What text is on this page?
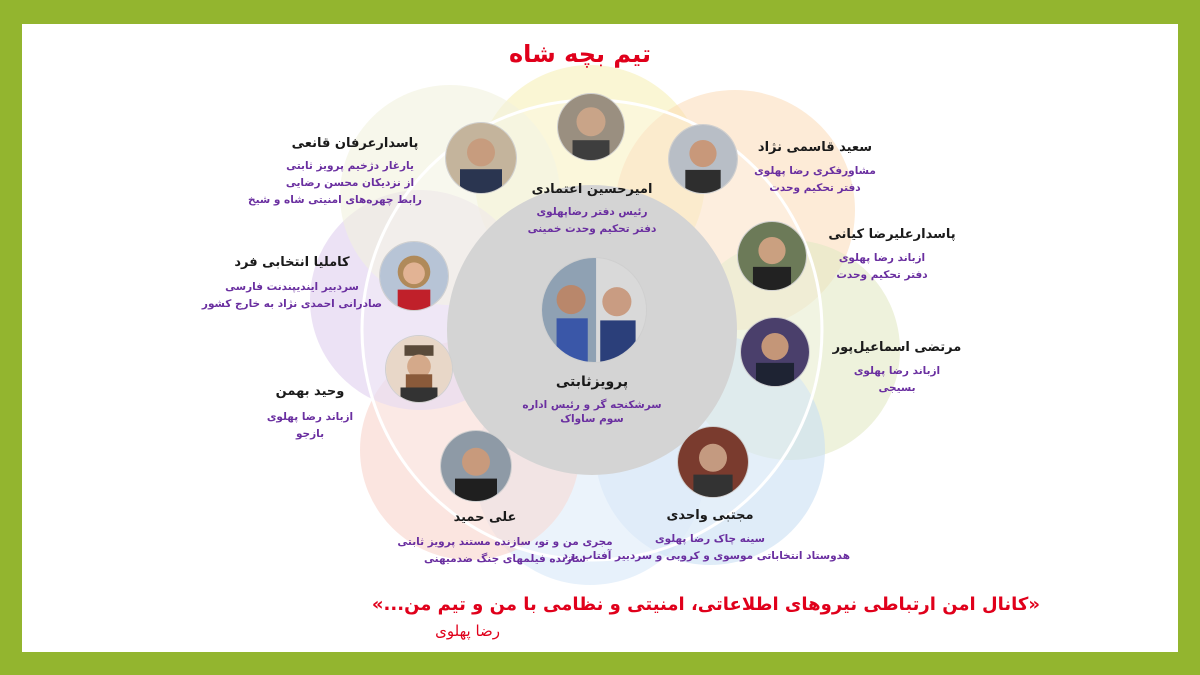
پرویزثابتی
سرشکنجه گر و رئیس اداره
سوم ساواک
امیرحسین اعتمادی
رئیس دفتر رضاپهلوی
دفتر تحکیم وحدت خمینی
سعید قاسمی نژاد
مشاورفکری رضا پهلوی
دفتر تحکیم وحدت
پاسدارعلیرضا کیانی
ازباند رضا پهلوی
دفتر تحکیم وحدت
مرتضی اسماعیل‌پور
ازباند رضا پهلوی
بسیجی
مجتبی واحدی
سینه چاک رضا پهلوی
هدوستاد انتخاباتی موسوی و کروبی و سردبیر آفتاب یزد
علی حمید
مجری من و تو، سازنده مستند پرویز ثابتی
سازنده فیلمهای جنگ ضدمیهنی
وحید بهمن
ازباند رضا پهلوی
بازجو
کاملیا انتخابی فرد
سردبیر ایندیپندنت فارسی
صادرانی احمدی نژاد به خارج کشور
پاسدارعرفان قانعی
یارغار دژخیم پرویز ثابتی
از نزدیکان محسن رضایی
رابط چهره‌های امنیتی شاه و شیخ
تیم بچه شاه
«کانال امن ارتباطی نیروهای اطلاعاتی، امنیتی و نظامی با من و تیم من...»
رضا پهلوی
